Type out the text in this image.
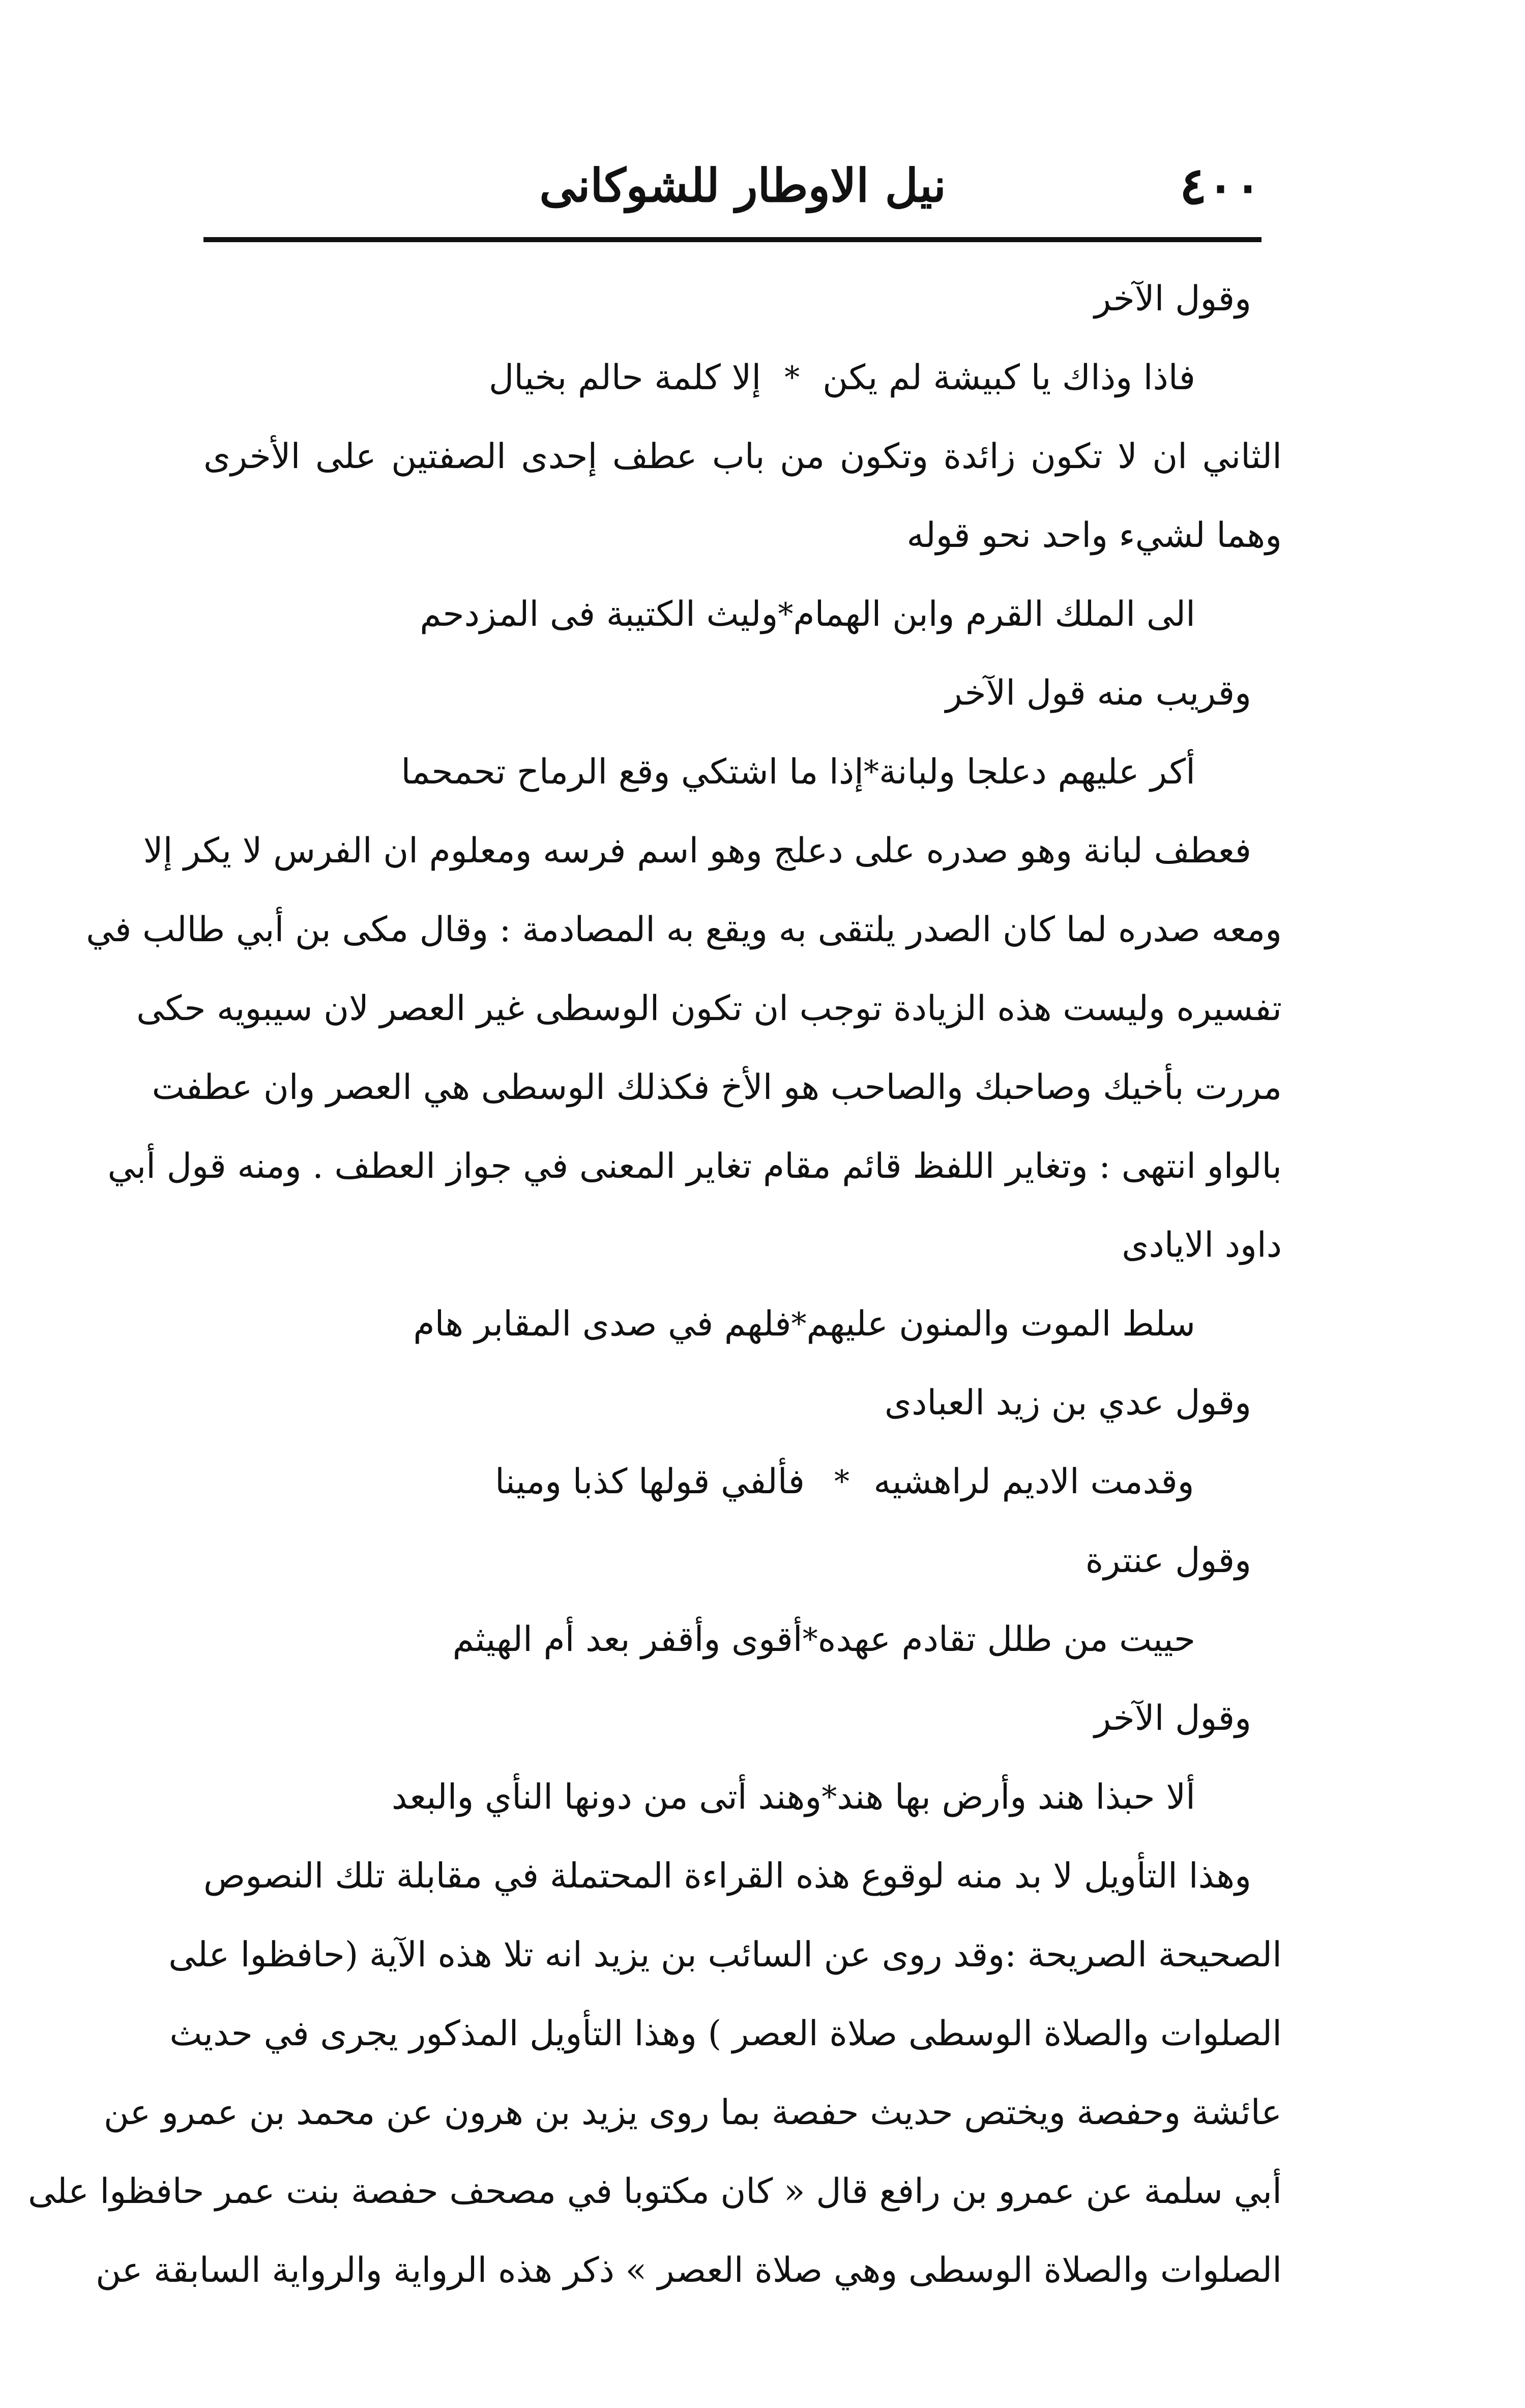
٤٠٠
نيل الاوطار للشوكانى
وقول الآخر
فاذا وذاك يا كبيشة لم يكن
*
إلا كلمة حالم بخيال
الثاني ان لا تكون زائدة وتكون من باب عطف إحدى الصفتين على الأخرى
وهما لشيء واحد نحو قوله
الى الملك القرم وابن الهمام
*
وليث الكتيبة فى المزدحم
وقريب منه قول الآخر
أكر عليهم دعلجا ولبانة
*
إذا ما اشتكي وقع الرماح تحمحما
فعطف لبانة وهو صدره على دعلج وهو اسم فرسه ومعلوم ان الفرس لا يكر إلا
ومعه صدره لما كان الصدر يلتقى به ويقع به المصادمة : وقال مكى بن أبي طالب في
تفسيره وليست هذه الزيادة توجب ان تكون الوسطى غير العصر لان سيبويه حكى
مررت بأخيك وصاحبك والصاحب هو الأخ فكذلك الوسطى هي العصر وان عطفت
بالواو انتهى : وتغاير اللفظ قائم مقام تغاير المعنى في جواز العطف . ومنه قول أبي
داود الايادى
سلط الموت والمنون عليهم
*
فلهم في صدى المقابر هام
وقول عدي بن زيد العبادى
وقدمت الاديم لراهشيه
*
فألفي قولها كذبا ومينا
وقول عنترة
حييت من طلل تقادم عهده
*
أقوى وأقفر بعد أم الهيثم
وقول الآخر
ألا حبذا هند وأرض بها هند
*
وهند أتى من دونها النأي والبعد
وهذا التأويل لا بد منه لوقوع هذه القراءة المحتملة في مقابلة تلك النصوص
الصحيحة الصريحة :وقد روى عن السائب بن يزيد انه تلا هذه الآية (حافظوا على
الصلوات والصلاة الوسطى صلاة العصر ) وهذا التأويل المذكور يجرى في حديث
عائشة وحفصة ويختص حديث حفصة بما روى يزيد بن هرون عن محمد بن عمرو عن
أبي سلمة عن عمرو بن رافع قال « كان مكتوبا في مصحف حفصة بنت عمر حافظوا على
الصلوات والصلاة الوسطى وهي صلاة العصر » ذكر هذه الرواية والرواية السابقة عن
